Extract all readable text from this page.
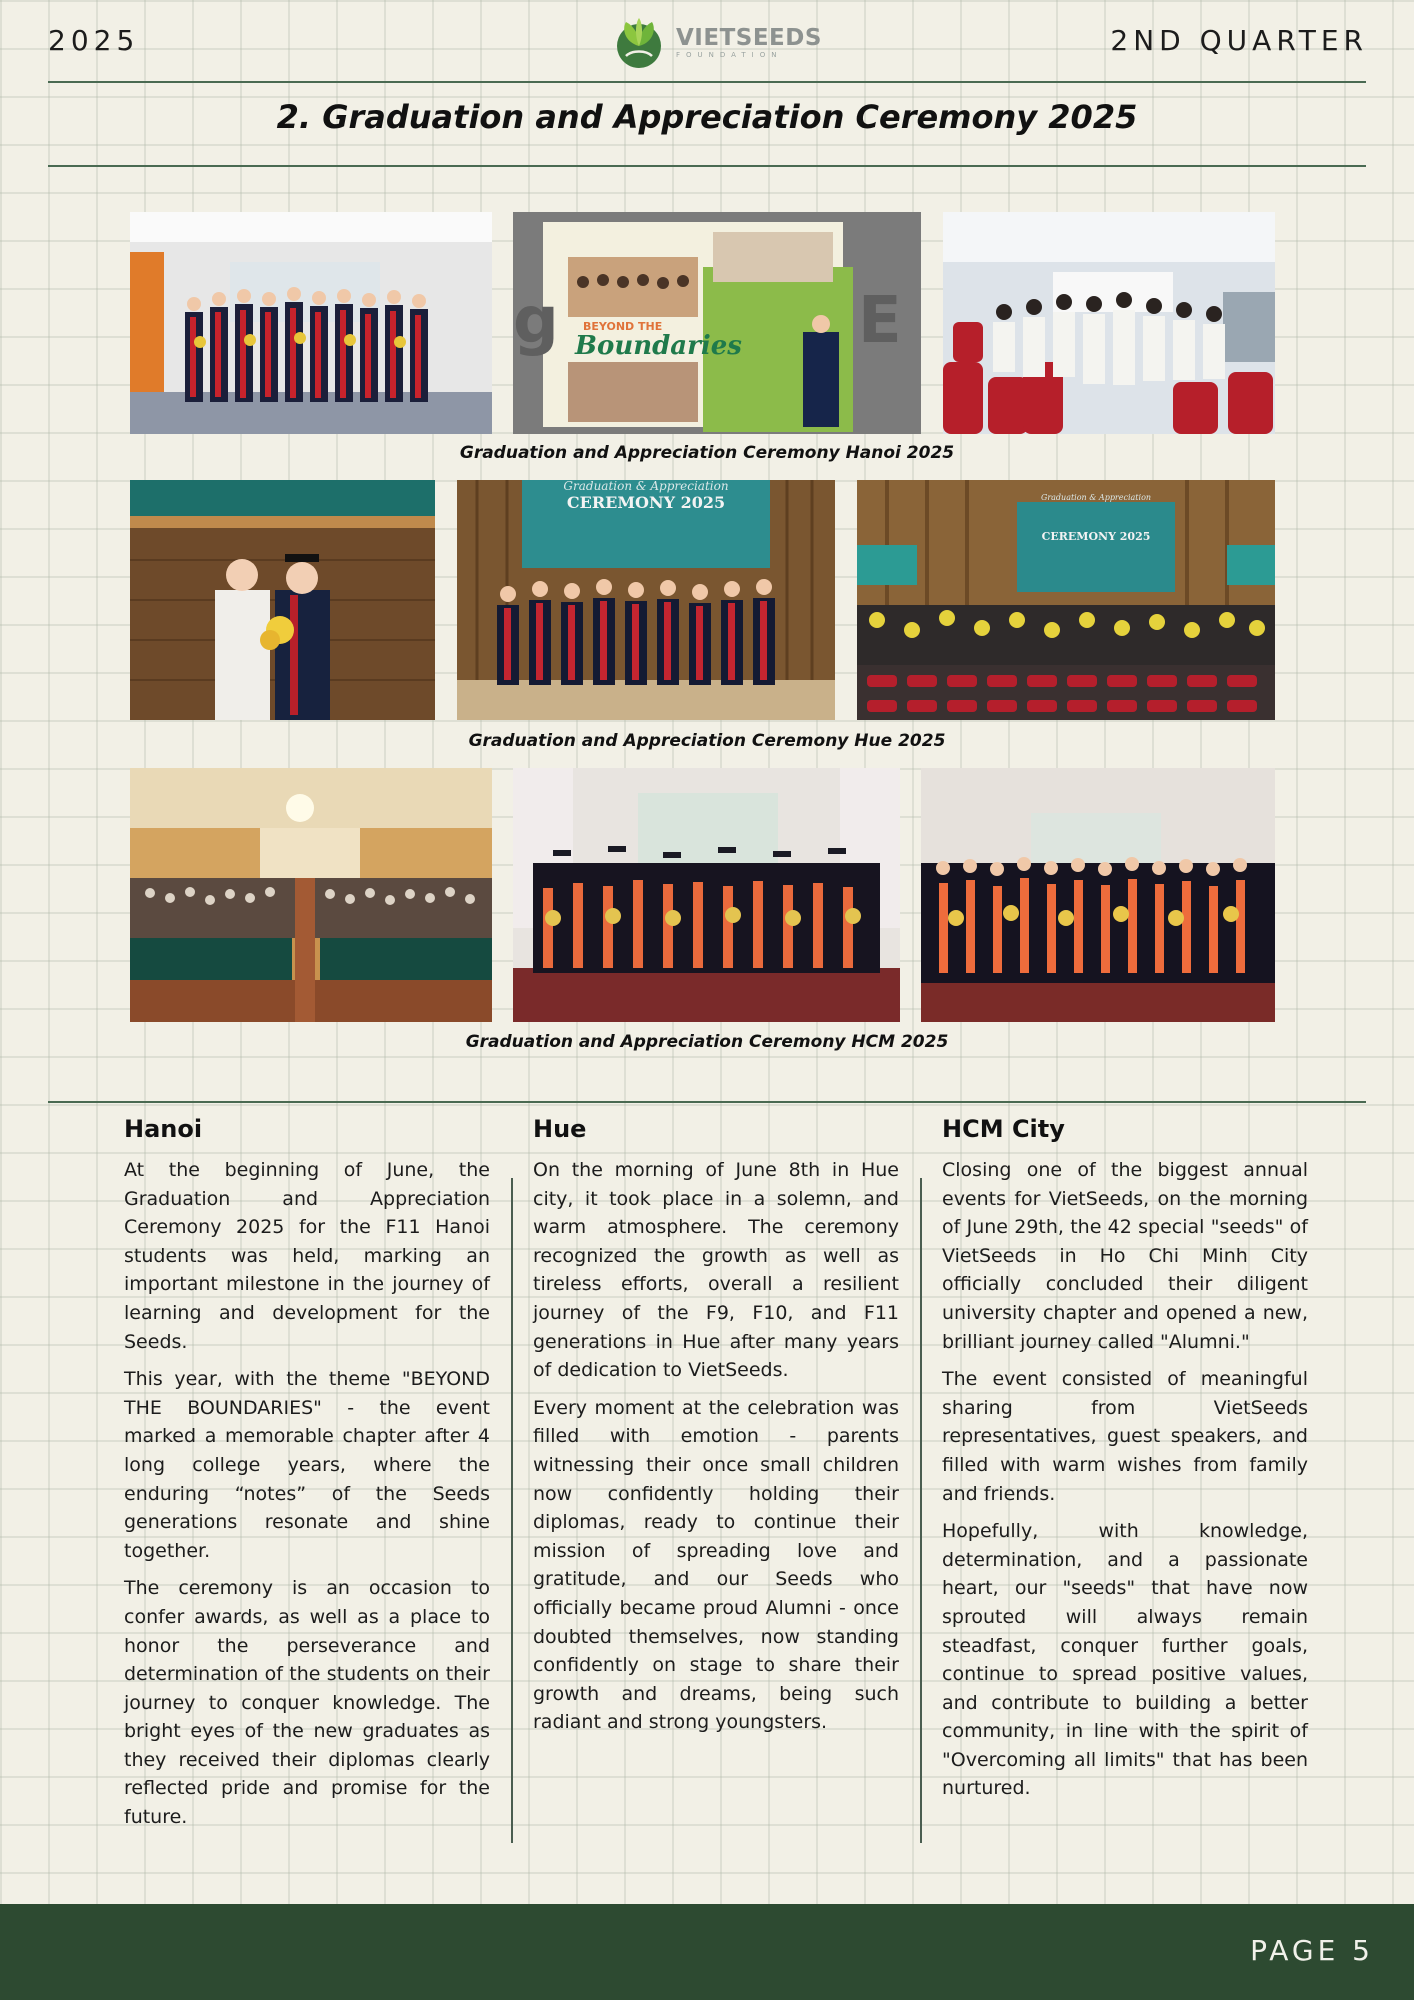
2025	VIETSEEDS
FOUNDATION	2ND QUARTER
2. Graduation and Appreciation Ceremony 2025
BEYOND THE
Boundaries
g	E
Graduation and Appreciation Ceremony Hanoi 2025
Graduation & Appreciation
CEREMONY 2025	Graduation & Appreciation
CEREMONY 2025
Graduation and Appreciation Ceremony Hue 2025
Graduation and Appreciation Ceremony HCM 2025
Hanoi

At the beginning of June, the Graduation and Appreciation Ceremony 2025 for the F11 Hanoi students was held, marking an important milestone in the journey of learning and development for the Seeds.

This year, with the theme "BEYOND THE BOUNDARIES" - the event marked a memorable chapter after 4 long college years, where the enduring “notes” of the Seeds generations resonate and shine together.

The ceremony is an occasion to confer awards, as well as a place to honor the perseverance and determination of the students on their journey to conquer knowledge. The bright eyes of the new graduates as they received their diplomas clearly reflected pride and promise for the future.

Hue

On the morning of June 8th in Hue city, it took place in a solemn, and warm atmosphere. The ceremony recognized the growth as well as tireless efforts, overall a resilient journey of the F9, F10, and F11 generations in Hue after many years of dedication to VietSeeds.

Every moment at the celebration was filled with emotion - parents witnessing their once small children now confidently holding their diplomas, ready to continue their mission of spreading love and gratitude, and our Seeds who officially became proud Alumni - once doubted themselves, now standing confidently on stage to share their growth and dreams, being such radiant and strong youngsters.

HCM City

Closing one of the biggest annual events for VietSeeds, on the morning of June 29th, the 42 special "seeds" of VietSeeds in Ho Chi Minh City officially concluded their diligent university chapter and opened a new, brilliant journey called "Alumni."

The event consisted of meaningful sharing from VietSeeds representatives, guest speakers, and filled with warm wishes from family and friends.

Hopefully, with knowledge, determination, and a passionate heart, our "seeds" that have now sprouted will always remain steadfast, conquer further goals, continue to spread positive values, and contribute to building a better community, in line with the spirit of "Overcoming all limits" that has been nurtured.

PAGE 5
